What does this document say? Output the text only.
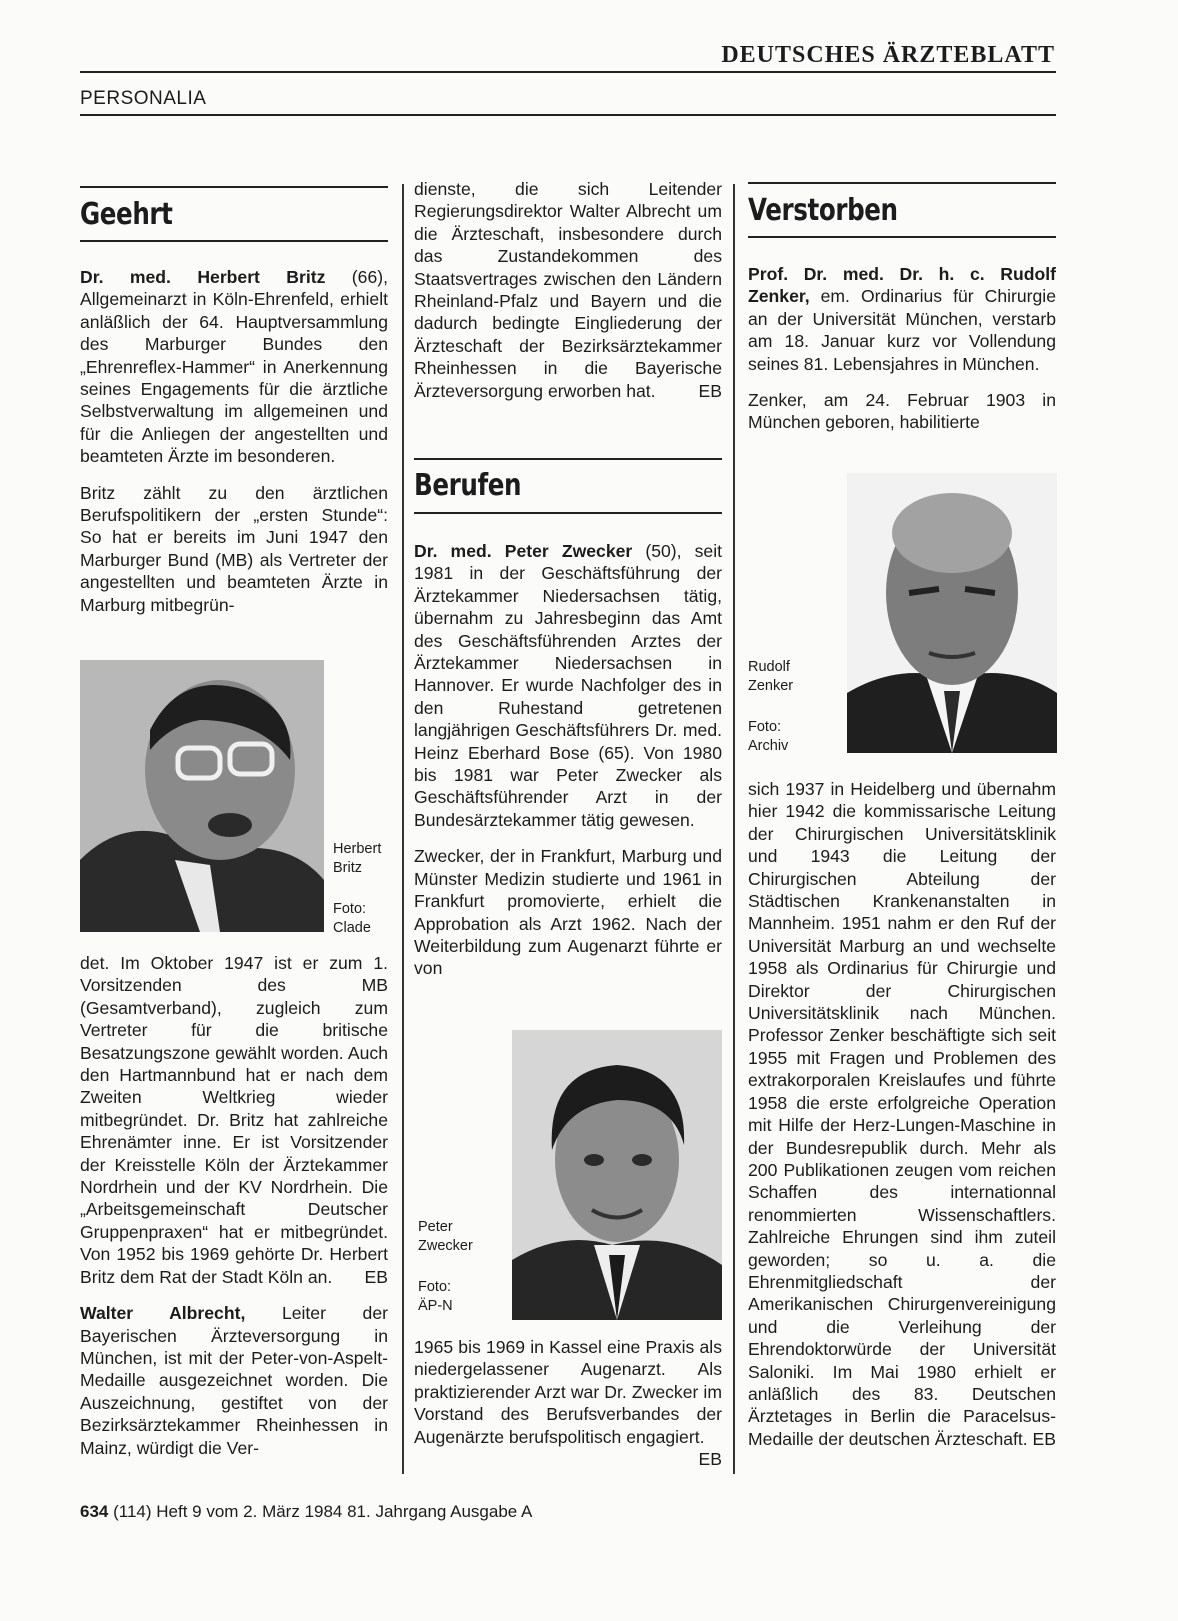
DEUTSCHES ÄRZTEBLATT
PERSONALIA
Geehrt

Dr. med. Herbert Britz (66), Allgemeinarzt in Köln-Ehrenfeld, erhielt anläßlich der 64. Hauptversammlung des Marburger Bundes den „Ehrenreflex-Hammer“ in Anerkennung seines Engagements für die ärztliche Selbstverwaltung im allgemeinen und für die Anliegen der angestellten und beamteten Ärzte im besonderen.

Britz zählt zu den ärztlichen Berufspolitikern der „ersten Stunde“: So hat er bereits im Juni 1947 den Marburger Bund (MB) als Vertreter der angestellten und beamteten Ärzte in Marburg mitbegrün-

Herbert Britz
Foto: Clade

det. Im Oktober 1947 ist er zum 1. Vorsitzenden des MB (Gesamtverband), zugleich zum Vertreter für die britische Besatzungszone gewählt worden. Auch den Hartmannbund hat er nach dem Zweiten Weltkrieg wieder mitbegründet. Dr. Britz hat zahlreiche Ehrenämter inne. Er ist Vorsitzender der Kreisstelle Köln der Ärztekammer Nordrhein und der KV Nordrhein. Die „Arbeitsgemeinschaft Deutscher Gruppenpraxen“ hat er mitbegründet. Von 1952 bis 1969 gehörte Dr. Herbert Britz dem Rat der Stadt Köln an. EB

Walter Albrecht, Leiter der Bayerischen Ärzteversorgung in München, ist mit der Peter-von-Aspelt-Medaille ausgezeichnet worden. Die Auszeichnung, gestiftet von der Bezirksärztekammer Rheinhessen in Mainz, würdigt die Ver-

dienste, die sich Leitender Regierungsdirektor Walter Albrecht um die Ärzteschaft, insbesondere durch das Zustandekommen des Staatsvertrages zwischen den Ländern Rheinland-Pfalz und Bayern und die dadurch bedingte Eingliederung der Ärzteschaft der Bezirksärztekammer Rheinhessen in die Bayerische Ärzteversorgung erworben hat. EB

Berufen

Dr. med. Peter Zwecker (50), seit 1981 in der Geschäftsführung der Ärztekammer Niedersachsen tätig, übernahm zu Jahresbeginn das Amt des Geschäftsführenden Arztes der Ärztekammer Niedersachsen in Hannover. Er wurde Nachfolger des in den Ruhestand getretenen langjährigen Geschäftsführers Dr. med. Heinz Eberhard Bose (65). Von 1980 bis 1981 war Peter Zwecker als Geschäftsführender Arzt in der Bundesärztekammer tätig gewesen.

Zwecker, der in Frankfurt, Marburg und Münster Medizin studierte und 1961 in Frankfurt promovierte, erhielt die Approbation als Arzt 1962. Nach der Weiterbildung zum Augenarzt führte er von

Peter Zwecker
Foto: ÄP-N

1965 bis 1969 in Kassel eine Praxis als niedergelassener Augenarzt. Als praktizierender Arzt war Dr. Zwecker im Vorstand des Berufsverbandes der Augenärzte berufspolitisch engagiert.
EB

Verstorben

Prof. Dr. med. Dr. h. c. Rudolf Zenker, em. Ordinarius für Chirurgie an der Universität München, verstarb am 18. Januar kurz vor Vollendung seines 81. Lebensjahres in München.

Zenker, am 24. Februar 1903 in München geboren, habilitierte

Rudolf Zenker
Foto: Archiv

sich 1937 in Heidelberg und übernahm hier 1942 die kommissarische Leitung der Chirurgischen Universitätsklinik und 1943 die Leitung der Chirurgischen Abteilung der Städtischen Krankenanstalten in Mannheim. 1951 nahm er den Ruf der Universität Marburg an und wechselte 1958 als Ordinarius für Chirurgie und Direktor der Chirurgischen Universitätsklinik nach München. Professor Zenker beschäftigte sich seit 1955 mit Fragen und Problemen des extrakorporalen Kreislaufes und führte 1958 die erste erfolgreiche Operation mit Hilfe der Herz-Lungen-Maschine in der Bundesrepublik durch. Mehr als 200 Publikationen zeugen vom reichen Schaffen des internationnal renommierten Wissenschaftlers. Zahlreiche Ehrungen sind ihm zuteil geworden; so u. a. die Ehrenmitgliedschaft der Amerikanischen Chirurgenvereinigung und die Verleihung der Ehrendoktorwürde der Universität Saloniki. Im Mai 1980 erhielt er anläßlich des 83. Deutschen Ärztetages in Berlin die Paracelsus-Medaille der deutschen Ärzteschaft. EB

634 (114) Heft 9 vom 2. März 1984 81. Jahrgang Ausgabe A
